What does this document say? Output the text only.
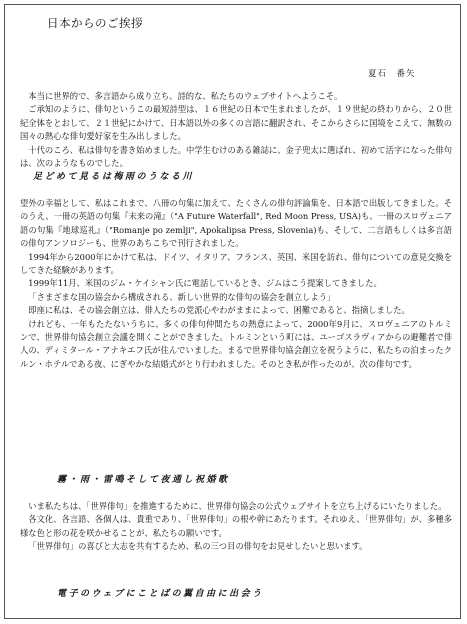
日本からのご挨拶
夏石　番矢

本当に世界的で、多言語から成り立ち、詩的な、私たちのウェブサイトへようこそ。

ご承知のように、俳句というこの最短詩型は、１６世紀の日本で生まれましたが、１９世紀の終わりから、２０世紀全体をとおして、２１世紀にかけて、日本語以外の多くの言語に翻訳され、そこからさらに国境をこえて、無数の国々の熱心な俳句愛好家を生み出しました。

十代のころ、私は俳句を書き始めました。中学生むけのある雑誌に、金子兜太に選ばれ、初めて活字になった俳句は、次のようなものでした。

足どめて見るは梅雨のうなる川

望外の幸福として、私はこれまで、八冊の句集に加えて、たくさんの俳句評論集を、日本語で出版してきました。そのうえ、一冊の英語の句集『未来の滝』（"A Future Waterfall", Red Moon Press, USA)も、一冊のスロヴェニア語の句集『地球巡礼』（"Romanje po zemlji", Apokalipsa Press, Slovenia)も、そして、二言語もしくは多言語の俳句アンソロジーも、世界のあちこちで刊行されました。

1994年から2000年にかけて私は、ドイツ、イタリア、フランス、英国、米国を訪れ、俳句についての意見交換をしてきた経験があります。

1999年11月、米国のジム・ケイシャン氏に電話しているとき、ジムはこう提案してきました。

「さまざまな国の協会から構成される、新しい世界的な俳句の協会を創立しよう」

即座に私は、その協会創立は、俳人たちの党派心やわがままによって、困難であると、指摘しました。

けれども、一年もたたないうちに、多くの俳句仲間たちの熱意によって、2000年9月に、スロヴェニアのトルミンで、世界俳句協会創立会議を開くことができました。トルミンという町には、ユーゴスラヴィアからの避難者で俳人の、ディミタール・アナキエフ氏が住んでいました。まるで世界俳句協会創立を祝うように、私たちの泊まったクルン・ホテルである夜、にぎやかな結婚式がとり行われました。そのとき私が作ったのが、次の俳句です。

霧・雨・雷鳴そして夜通し祝婚歌

いま私たちは、「世界俳句」を推進するために、世界俳句協会の公式ウェブサイトを立ち上げるにいたりました。

各文化、各言語、各個人は、貴重であり、「世界俳句」の根や幹にあたります。それゆえ、「世界俳句」が、多種多様な色と形の花を咲かせることが、私たちの願いです。

「世界俳句」の喜びと大志を共有するため、私の三つ目の俳句をお見せしたいと思います。

電子のウェブにことばの翼自由に出会う
